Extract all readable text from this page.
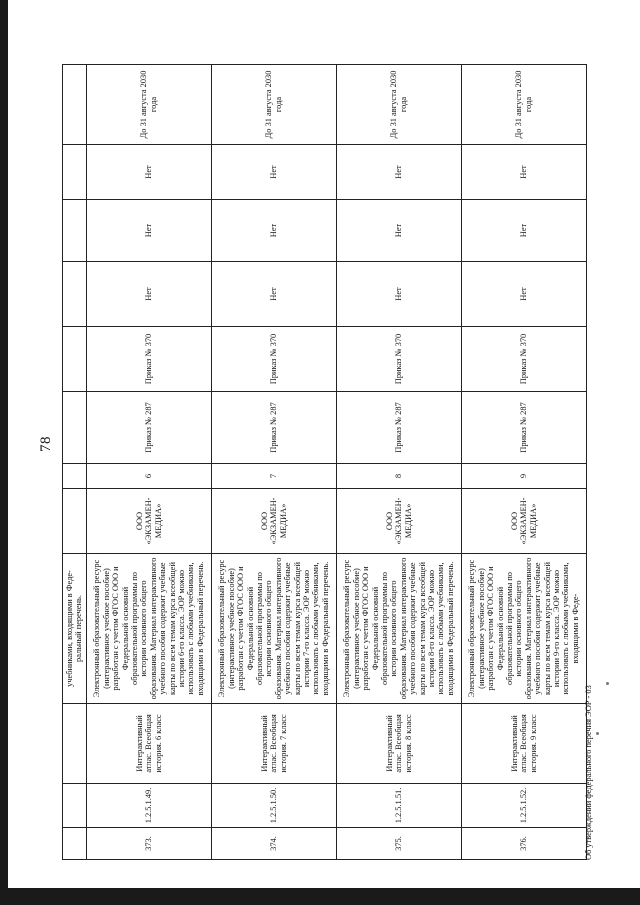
78
			учебниками, входящими в Феде-ральный перечень.								
373.	1.2.5.1.49.	Интерактивный атлас. Всеобщая история. 6 класс	Электронный образовательный ресурс (интерактивное учебное пособие) разработан с учетом ФГОС ООО и Федеральной основной образовательной программы по истории основного общего образования. Материал интерактивного учебного пособия содержит учебные карты по всем темам курса всеобщей истории 6-го класса. ЭОР можно использовать с любыми учебниками, входящими в Федеральный перечень.	ООО «ЭКЗАМЕН-МЕДИА»	6	Приказ № 287	Приказ № 370	Нет	Нет	Нет	До 31 августа 2030 года
374.	1.2.5.1.50.	Интерактивный атлас. Всеобщая история. 7 класс	Электронный образовательный ресурс (интерактивное учебное пособие) разработан с учетом ФГОС ООО и Федеральной основной образовательной программы по истории основного общего образования. Материал интерактивного учебного пособия содержит учебные карты по всем темам курса всеобщей истории 7-го класса. ЭОР можно использовать с любыми учебниками, входящими в Федеральный перечень.	ООО «ЭКЗАМЕН-МЕДИА»	7	Приказ № 287	Приказ № 370	Нет	Нет	Нет	До 31 августа 2030 года
375.	1.2.5.1.51.	Интерактивный атлас. Всеобщая история. 8 класс	Электронный образовательный ресурс (интерактивное учебное пособие) разработан с учетом ФГОС ООО и Федеральной основной образовательной программы по истории основного общего образования. Материал интерактивного учебного пособия содержит учебные карты по всем темам курса всеобщей истории 8-го класса. ЭОР можно использовать с любыми учебниками, входящими в Федеральный перечень.	ООО «ЭКЗАМЕН-МЕДИА»	8	Приказ № 287	Приказ № 370	Нет	Нет	Нет	До 31 августа 2030 года
376.	1.2.5.1.52.	Интерактивный атлас. Всеобщая история. 9 класс	Электронный образовательный ресурс (интерактивное учебное пособие) разработан с учетом ФГОС ООО и Федеральной основной образовательной программы по истории основного общего образования. Материал интерактивного учебного пособия содержит учебные карты по всем темам курса всеобщей истории 9-го класса. ЭОР можно использовать с любыми учебниками, входящими в Феде-	ООО «ЭКЗАМЕН-МЕДИА»	9	Приказ № 287	Приказ № 370	Нет	Нет	Нет	До 31 августа 2030 года
Об утверждении федерального перечня ЭОР - 03
